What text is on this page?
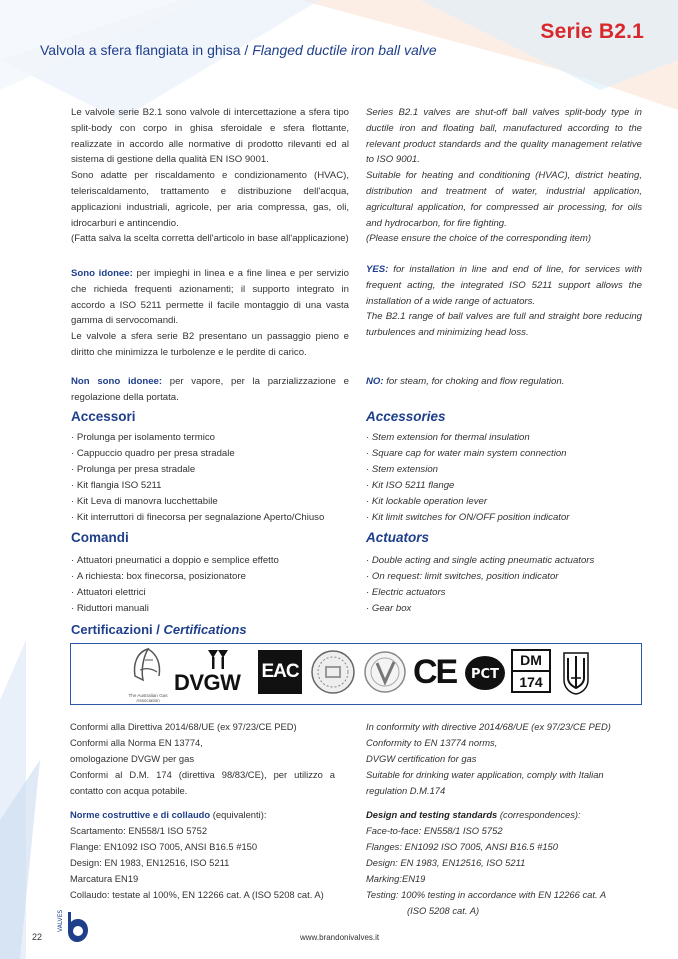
Serie B2.1
Valvola a sfera flangiata in ghisa / Flanged ductile iron ball valve

Le valvole serie B2.1 sono valvole di intercettazione a sfera tipo split-body con corpo in ghisa sferoidale e sfera flottante, realizzate in accordo alle normative di prodotto rilevanti ed al sistema di gestione della qualità EN ISO 9001.

Sono adatte per riscaldamento e condizionamento (HVAC), teleriscaldamento, trattamento e distribuzione dell'acqua, applicazioni industriali, agricole, per aria compressa, gas, oli, idrocarburi e antincendio.

(Fatta salva la scelta corretta dell'articolo in base all'applicazione)

Series B2.1 valves are shut-off ball valves split-body type in ductile iron and floating ball, manufactured according to the relevant product standards and the quality management relative to ISO 9001.

Suitable for heating and conditioning (HVAC), district heating, distribution and treatment of water, industrial application, agricultural application, for compressed air processing, for oils and hydrocarbon, for fire fighting.

(Please ensure the choice of the corresponding item)

Sono idonee: per impieghi in linea e a fine linea e per servizio che richieda frequenti azionamenti; il supporto integrato in accordo a ISO 5211 permette il facile montaggio di una vasta gamma di servocomandi.

Le valvole a sfera serie B2 presentano un passaggio pieno e diritto che minimizza le turbolenze e le perdite di carico.

YES: for installation in line and end of line, for services with frequent acting, the integrated ISO 5211 support allows the installation of a wide range of actuators.

The B2.1 range of ball valves are full and straight bore reducing turbulences and minimizing head loss.

Non sono idonee: per vapore, per la parzializzazione e regolazione della portata.

NO: for steam, for choking and flow regulation.

Accessori	Accessories
· Prolunga per isolamento termico
· Cappuccio quadro per presa stradale
· Prolunga per presa stradale
· Kit flangia ISO 5211
· Kit Leva di manovra lucchettabile
· Kit interruttori di finecorsa per segnalazione Aperto/Chiuso
· Stem extension for thermal insulation
· Square cap for water main system connection
· Stem extension
· Kit ISO 5211 flange
· Kit lockable operation lever
· Kit limit switches for ON/OFF position indicator
Comandi	Actuators
· Attuatori pneumatici a doppio e semplice effetto
· A richiesta: box finecorsa, posizionatore
· Attuatori elettrici
· Riduttori manuali
· Double acting and single acting pneumatic actuators
· On request: limit switches, position indicator
· Electric actuators
· Gear box
Certificazioni / Certifications
The Australian Gas Association
DVGW	EAC	CE PCT
DM
174
Conformi alla Direttiva 2014/68/UE (ex 97/23/CE PED)
Conformi alla Norma EN 13774,
omologazione DVGW per gas
Conformi al D.M. 174 (direttiva 98/83/CE), per utilizzo a contatto con acqua potabile.
In conformity with directive 2014/68/UE (ex 97/23/CE PED)
Conformity to EN 13774 norms,
DVGW certification for gas
Suitable for drinking water application, comply with Italian regulation D.M.174
Norme costruttive e di collaudo (equivalenti):
Scartamento: EN558/1 ISO 5752
Flange: EN1092 ISO 7005, ANSI B16.5 #150
Design: EN 1983, EN12516, ISO 5211
Marcatura EN19
Collaudo: testate al 100%, EN 12266 cat. A (ISO 5208 cat. A)
Design and testing standards (correspondences):
Face-to-face: EN558/1 ISO 5752
Flanges: EN1092 ISO 7005, ANSI B16.5 #150
Design: EN 1983, EN12516, ISO 5211
Marking:EN19
Testing: 100% testing in accordance with EN 12266 cat. A
(ISO 5208 cat. A)
22
VALVES
www.brandonivalves.it
